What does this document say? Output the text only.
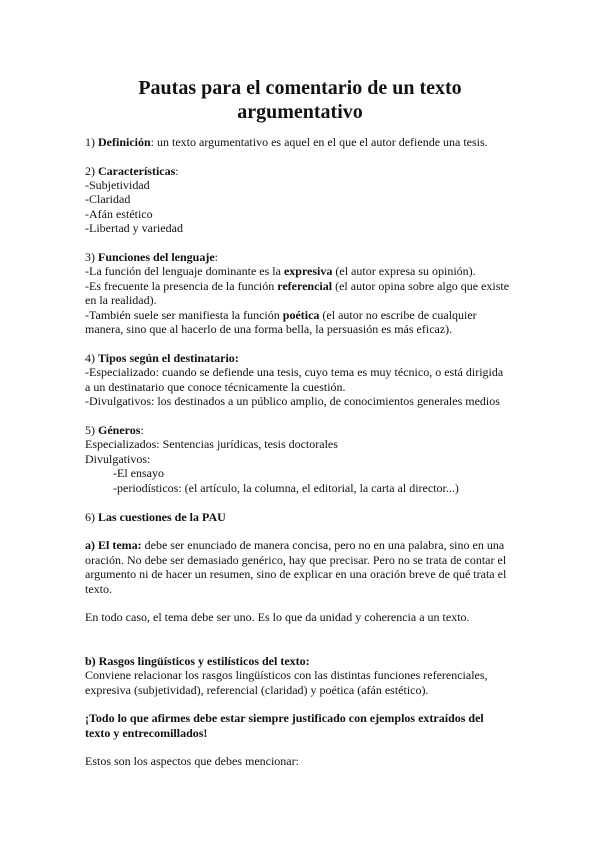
Pautas para el comentario de un texto
argumentativo
1) Definición: un texto argumentativo es aquel en el que el autor defiende una tesis.
2) Características:
-Subjetividad
-Claridad
-Afán estético
-Libertad y variedad
3) Funciones del lenguaje:
-La función del lenguaje dominante es la expresiva (el autor expresa su opinión).
-Es frecuente la presencia de la función referencial (el autor opina sobre algo que existe
en la realidad).
-También suele ser manifiesta la función poética (el autor no escribe de cualquier
manera, sino que al hacerlo de una forma bella, la persuasión es más eficaz).
4) Tipos según el destinatario:
-Especializado: cuando se defiende una tesis, cuyo tema es muy técnico, o está dirigida
a un destinatario que conoce técnicamente la cuestión.
-Divulgativos: los destinados a un público amplio, de conocimientos generales medios
5) Géneros:
Especializados: Sentencias jurídicas, tesis doctorales
Divulgativos:
-El ensayo
-periodísticos: (el artículo, la columna, el editorial, la carta al director...)
6) Las cuestiones de la PAU
a) El tema: debe ser enunciado de manera concisa, pero no en una palabra, sino en una
oración. No debe ser demasiado genérico, hay que precisar. Pero no se trata de contar el
argumento ni de hacer un resumen, sino de explicar en una oración breve de qué trata el
texto.
En todo caso, el tema debe ser uno. Es lo que da unidad y coherencia a un texto.
b) Rasgos lingüísticos y estilísticos del texto:
Conviene relacionar los rasgos lingüísticos con las distintas funciones referenciales,
expresiva (subjetividad), referencial (claridad) y poética (afán estético).
¡Todo lo que afirmes debe estar siempre justificado con ejemplos extraídos del
texto y entrecomillados!
Estos son los aspectos que debes mencionar:
